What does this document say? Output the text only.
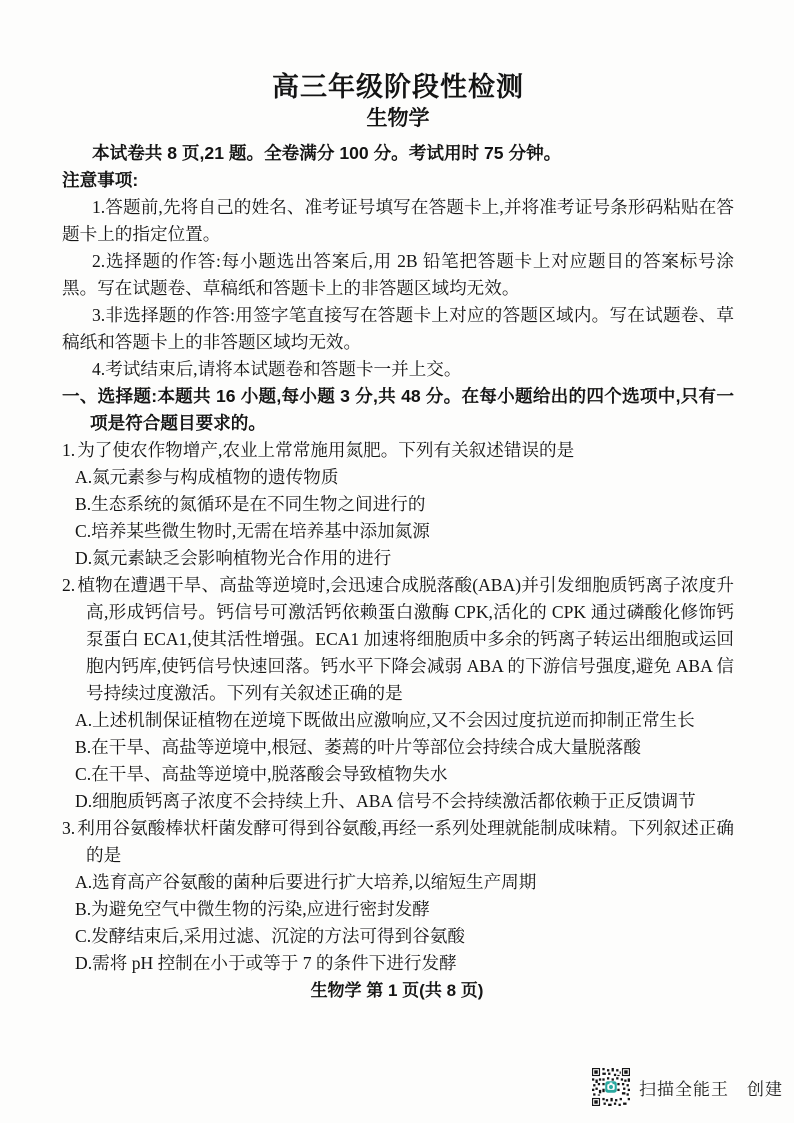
高三年级阶段性检测
生物学

本试卷共 8 页,21 题。全卷满分 100 分。考试用时 75 分钟。

注意事项:

1.答题前,先将自己的姓名、准考证号填写在答题卡上,并将准考证号条形码粘贴在答题卡上的指定位置。

2.选择题的作答:每小题选出答案后,用 2B 铅笔把答题卡上对应题目的答案标号涂黑。写在试题卷、草稿纸和答题卡上的非答题区域均无效。

3.非选择题的作答:用签字笔直接写在答题卡上对应的答题区域内。写在试题卷、草稿纸和答题卡上的非答题区域均无效。

4.考试结束后,请将本试题卷和答题卡一并上交。

一、选择题:本题共 16 小题,每小题 3 分,共 48 分。在每小题给出的四个选项中,只有一项是符合题目要求的。

1. 为了使农作物增产,农业上常常施用氮肥。下列有关叙述错误的是

A.氮元素参与构成植物的遗传物质

B.生态系统的氮循环是在不同生物之间进行的

C.培养某些微生物时,无需在培养基中添加氮源

D.氮元素缺乏会影响植物光合作用的进行

2. 植物在遭遇干旱、高盐等逆境时,会迅速合成脱落酸(ABA)并引发细胞质钙离子浓度升高,形成钙信号。钙信号可激活钙依赖蛋白激酶 CPK,活化的 CPK 通过磷酸化修饰钙泵蛋白 ECA1,使其活性增强。ECA1 加速将细胞质中多余的钙离子转运出细胞或运回胞内钙库,使钙信号快速回落。钙水平下降会减弱 ABA 的下游信号强度,避免 ABA 信号持续过度激活。下列有关叙述正确的是

A.上述机制保证植物在逆境下既做出应激响应,又不会因过度抗逆而抑制正常生长

B.在干旱、高盐等逆境中,根冠、萎蔫的叶片等部位会持续合成大量脱落酸

C.在干旱、高盐等逆境中,脱落酸会导致植物失水

D.细胞质钙离子浓度不会持续上升、ABA 信号不会持续激活都依赖于正反馈调节

3. 利用谷氨酸棒状杆菌发酵可得到谷氨酸,再经一系列处理就能制成味精。下列叙述正确的是

A.选育高产谷氨酸的菌种后要进行扩大培养,以缩短生产周期

B.为避免空气中微生物的污染,应进行密封发酵

C.发酵结束后,采用过滤、沉淀的方法可得到谷氨酸

D.需将 pH 控制在小于或等于 7 的条件下进行发酵

生物学 第 1 页(共 8 页)
扫描全能王　创建
